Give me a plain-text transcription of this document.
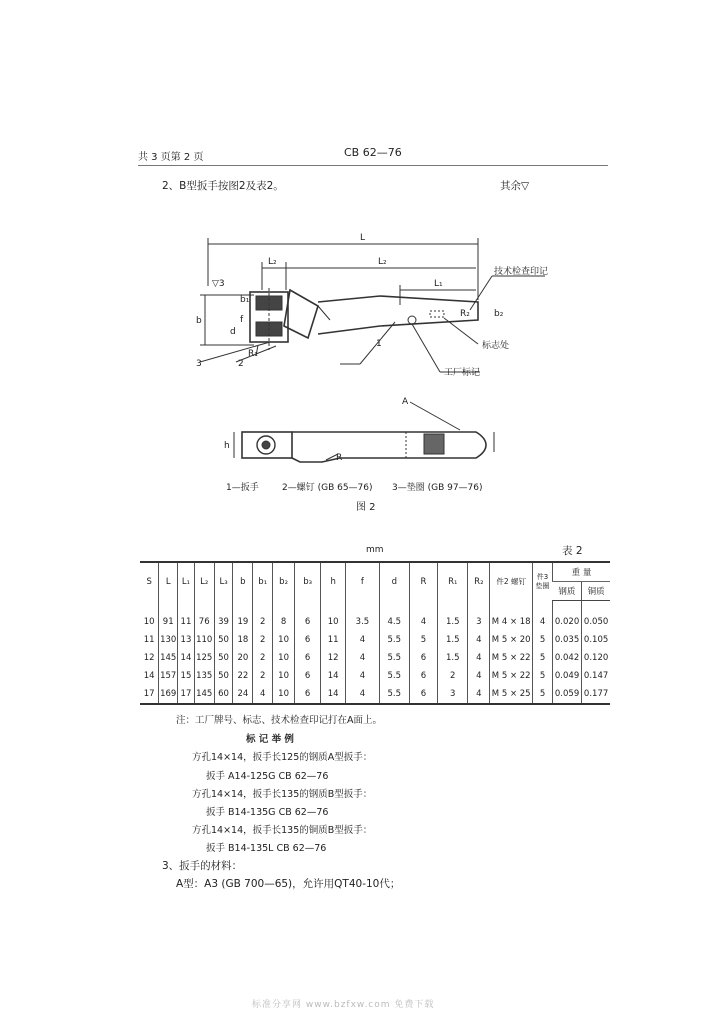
共 3 页第 2 页	CB 62—76
2、B型扳手按图2及表2。	其余▽
L
L₂	L₂
L₁
b
b₁
b₂
d
f
R₁
R₂
R
A
h
▽3
1
2
3
技术检查印记
标志处
工厂标记
1—扳手	2—螺钉 (GB 65—76) 3—垫圈 (GB 97—76)
图 2
mm	表 2
S	L	L₁	L₂	L₃	b	b₁	b₂	b₃	h	f	d	R	R₁	R₂	件2 螺钉	件3 垫圈	重 量	
																	钢质	铜质
10	91	11	76	39	19	2	8	6	10	3.5	4.5	4	1.5	3	M 4 × 18	4	0.020	0.050
11	130	13	110	50	18	2	10	6	11	4	5.5	5	1.5	4	M 5 × 20	5	0.035	0.105
12	145	14	125	50	20	2	10	6	12	4	5.5	6	1.5	4	M 5 × 22	5	0.042	0.120
14	157	15	135	50	22	2	10	6	14	4	5.5	6	2	4	M 5 × 22	5	0.049	0.147
17	169	17	145	60	24	4	10	6	14	4	5.5	6	3	4	M 5 × 25	5	0.059	0.177
注：工厂牌号、标志、技术检查印记打在A面上。
标 记 举 例
方孔14×14，扳手长125的钢质A型扳手：
扳手 A14-125G CB 62—76
方孔14×14，扳手长135的钢质B型扳手：
扳手 B14-135G CB 62—76
方孔14×14，扳手长135的铜质B型扳手：
扳手 B14-135L CB 62—76
3、扳手的材料：
A型：A3 (GB 700—65)，允许用QT40-10代；
标准分享网 www.bzfxw.com 免费下载
